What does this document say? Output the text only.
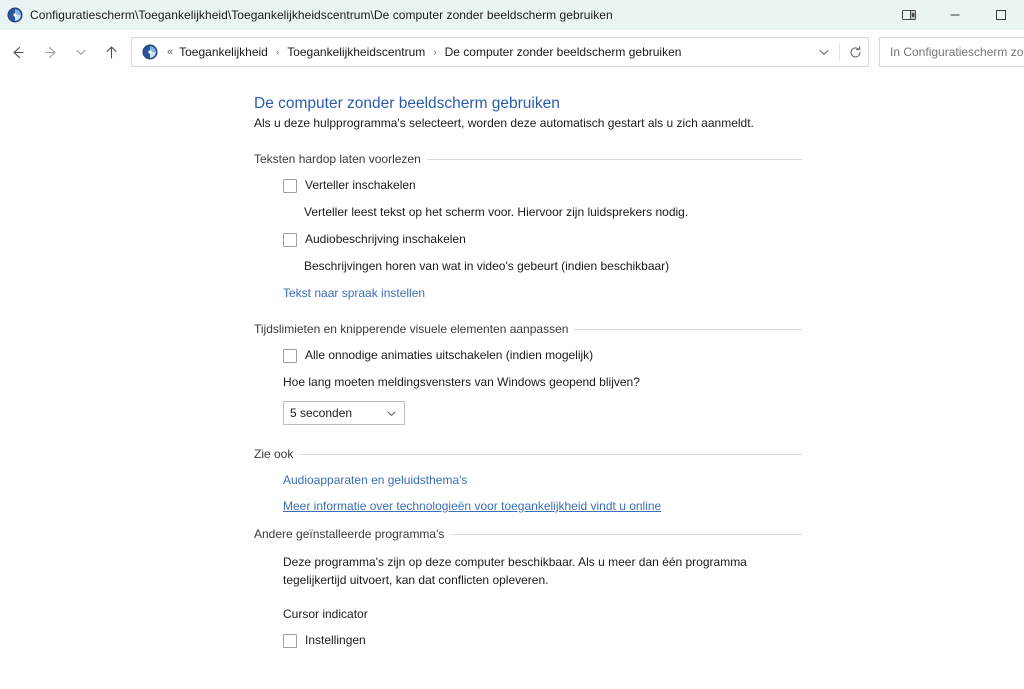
Configuratiescherm\Toegankelijkheid\Toegankelijkheidscentrum\De computer zonder beeldscherm gebruiken
« Toegankelijkheid › Toegankelijkheidscentrum › De computer zonder beeldscherm gebruiken
In Configuratiescherm zoeken
De computer zonder beeldscherm gebruiken
Als u deze hulpprogramma's selecteert, worden deze automatisch gestart als u zich aanmeldt.
Teksten hardop laten voorlezen
Verteller inschakelen
Verteller leest tekst op het scherm voor. Hiervoor zijn luidsprekers nodig.
Audiobeschrijving inschakelen
Beschrijvingen horen van wat in video's gebeurt (indien beschikbaar)
Tekst naar spraak instellen
Tijdslimieten en knipperende visuele elementen aanpassen
Alle onnodige animaties uitschakelen (indien mogelijk)
Hoe lang moeten meldingsvensters van Windows geopend blijven?
5 seconden
Zie ook
Audioapparaten en geluidsthema's
Meer informatie over technologieën voor toegankelijkheid vindt u online
Andere geïnstalleerde programma's
Deze programma's zijn op deze computer beschikbaar. Als u meer dan één programma tegelijkertijd uitvoert, kan dat conflicten opleveren.
Cursor indicator
Instellingen
